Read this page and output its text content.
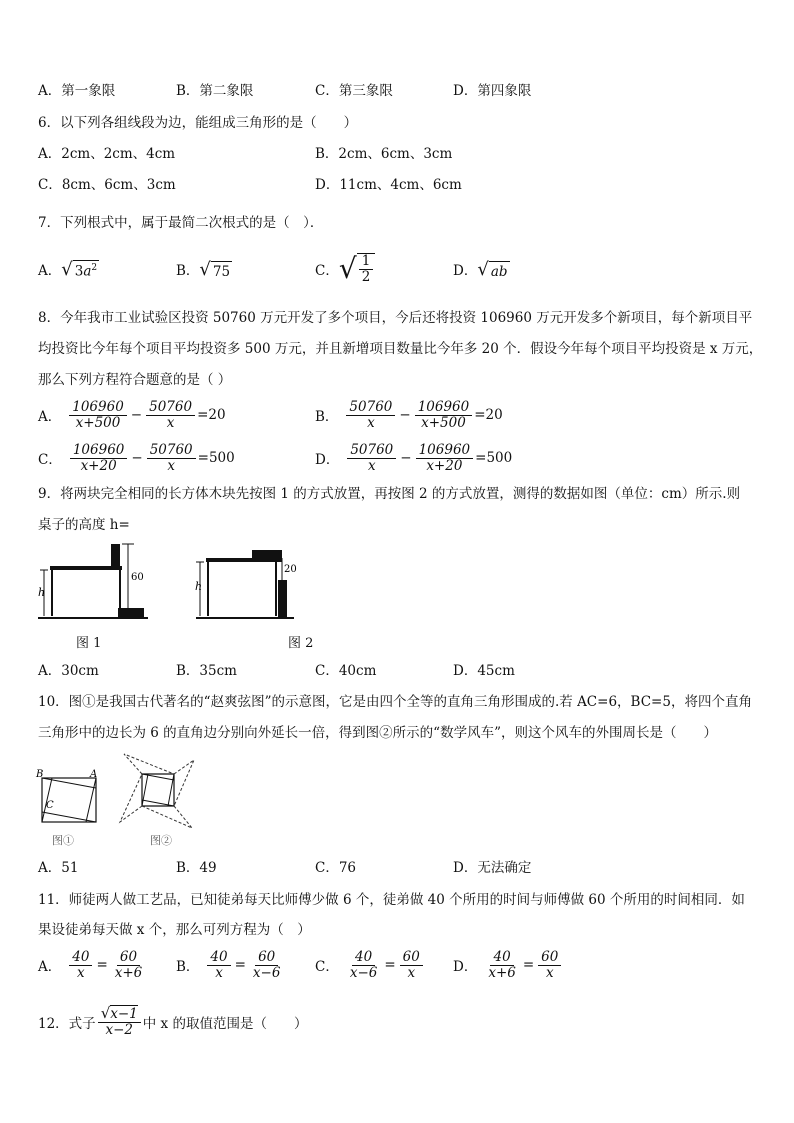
A．第一象限	B．第二象限	C．第三象限	D．第四象限
6．以下列各组线段为边，能组成三角形的是（　　）
A．2cm、2cm、4cm	B．2cm、6cm、3cm
C．8cm、6cm、3cm	D．11cm、4cm、6cm
7．下列根式中，属于最简二次根式的是（　）．
A． √ $3a^2$	B． √ 75	C． √ $\frac{1}{2}$	D． √ ab
8．今年我市工业试验区投资 50760 万元开发了多个项目，今后还将投资 106960 万元开发多个新项目，每个新项目平
均投资比今年每个项目平均投资多 500 万元，并且新增项目数量比今年多 20 个．假设今年每个项目平均投资是 x 万元，
那么下列方程符合题意的是（ ）
A． $\frac{106960}{x+500} - \frac{50760}{x} =20$	B． $\frac{50760}{x} - \frac{106960}{x+500} =20$
C． $\frac{106960}{x+20} - \frac{50760}{x} =500$	D． $\frac{50760}{x} - \frac{106960}{x+20} =500$
9．将两块完全相同的长方体木块先按图 1 的方式放置，再按图 2 的方式放置，测得的数据如图（单位：cm）所示.则
桌子的高度 h=
h
60
图 1
h
20
图 2
A．30cm	B．35cm	C．40cm	D．45cm
10．图①是我国古代著名的“赵爽弦图”的示意图，它是由四个全等的直角三角形围成的.若 AC=6，BC=5，将四个直角
三角形中的边长为 6 的直角边分别向外延长一倍，得到图②所示的“数学风车”，则这个风车的外围周长是（　　）
B	A
C
图①	图②
A．51	B．49	C．76	D．无法确定
11．师徒两人做工艺品，已知徒弟每天比师傅少做 6 个，徒弟做 40 个所用的时间与师傅做 60 个所用的时间相同．如
果设徒弟每天做 x 个，那么可列方程为（　）
A． $\frac{40}{x} = \frac{60}{x+6}$ B． $\frac{40}{x} = \frac{60}{x-6}$ C． $\frac{40}{x-6} = \frac{60}{x}$ D． $\frac{40}{x+6} = \frac{60}{x}$
12．式子 $\frac{√x-1}{x-2}$ 中 x 的取值范围是（　　）
